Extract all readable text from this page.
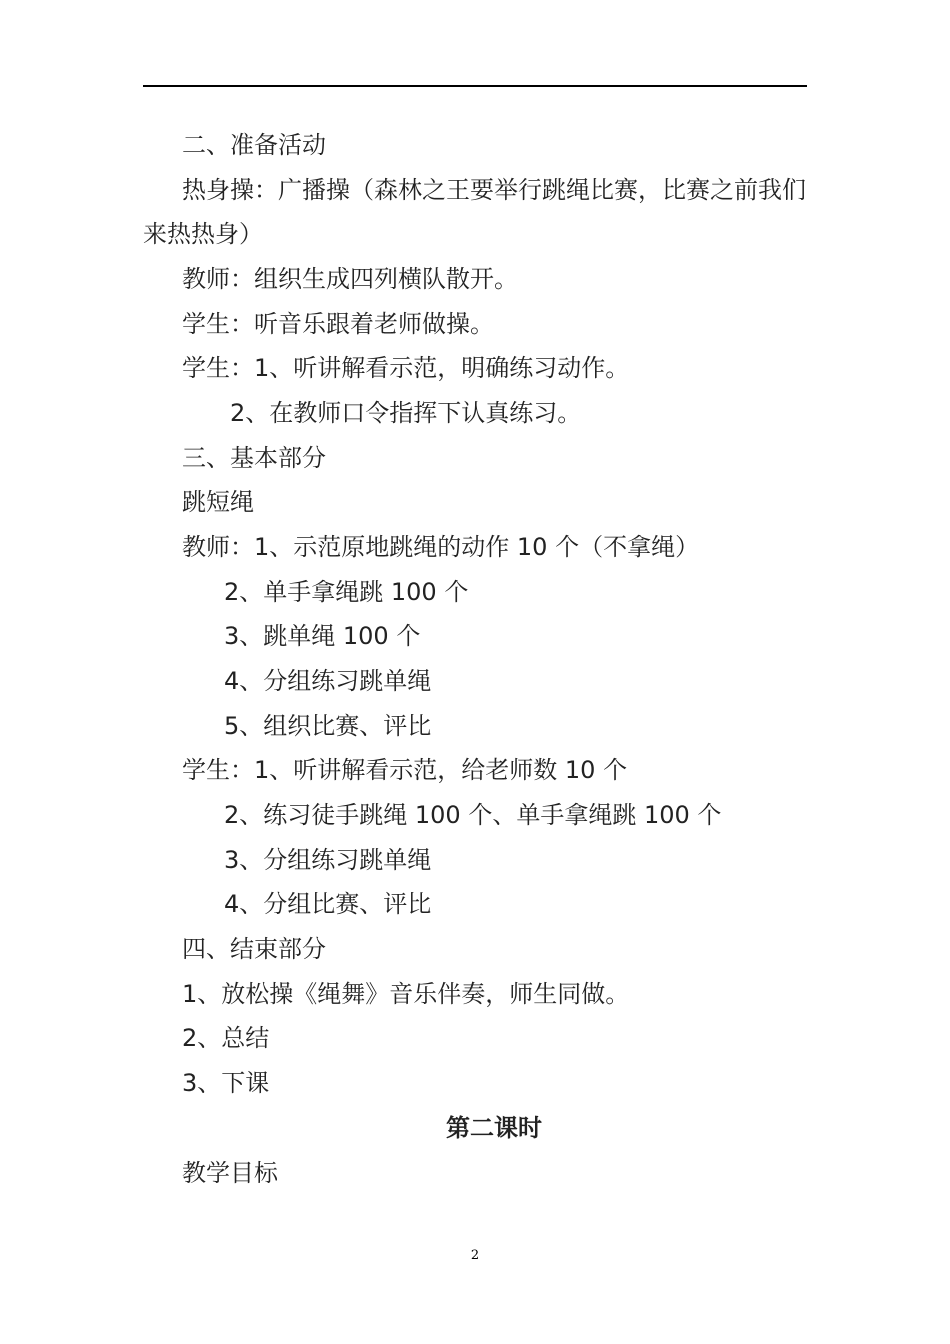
二、准备活动
热身操：广播操（森林之王要举行跳绳比赛，比赛之前我们
来热热身）
教师：组织生成四列横队散开。
学生：听音乐跟着老师做操。
学生：1、听讲解看示范，明确练习动作。
2、在教师口令指挥下认真练习。
三、基本部分
跳短绳
教师：1、示范原地跳绳的动作 10 个（不拿绳）
2、单手拿绳跳 100 个
3、跳单绳 100 个
4、分组练习跳单绳
5、组织比赛、评比
学生：1、听讲解看示范，给老师数 10 个
2、练习徒手跳绳 100 个、单手拿绳跳 100 个
3、分组练习跳单绳
4、分组比赛、评比
四、结束部分
1、放松操《绳舞》音乐伴奏，师生同做。
2、总结
3、下课
第二课时
教学目标
2
